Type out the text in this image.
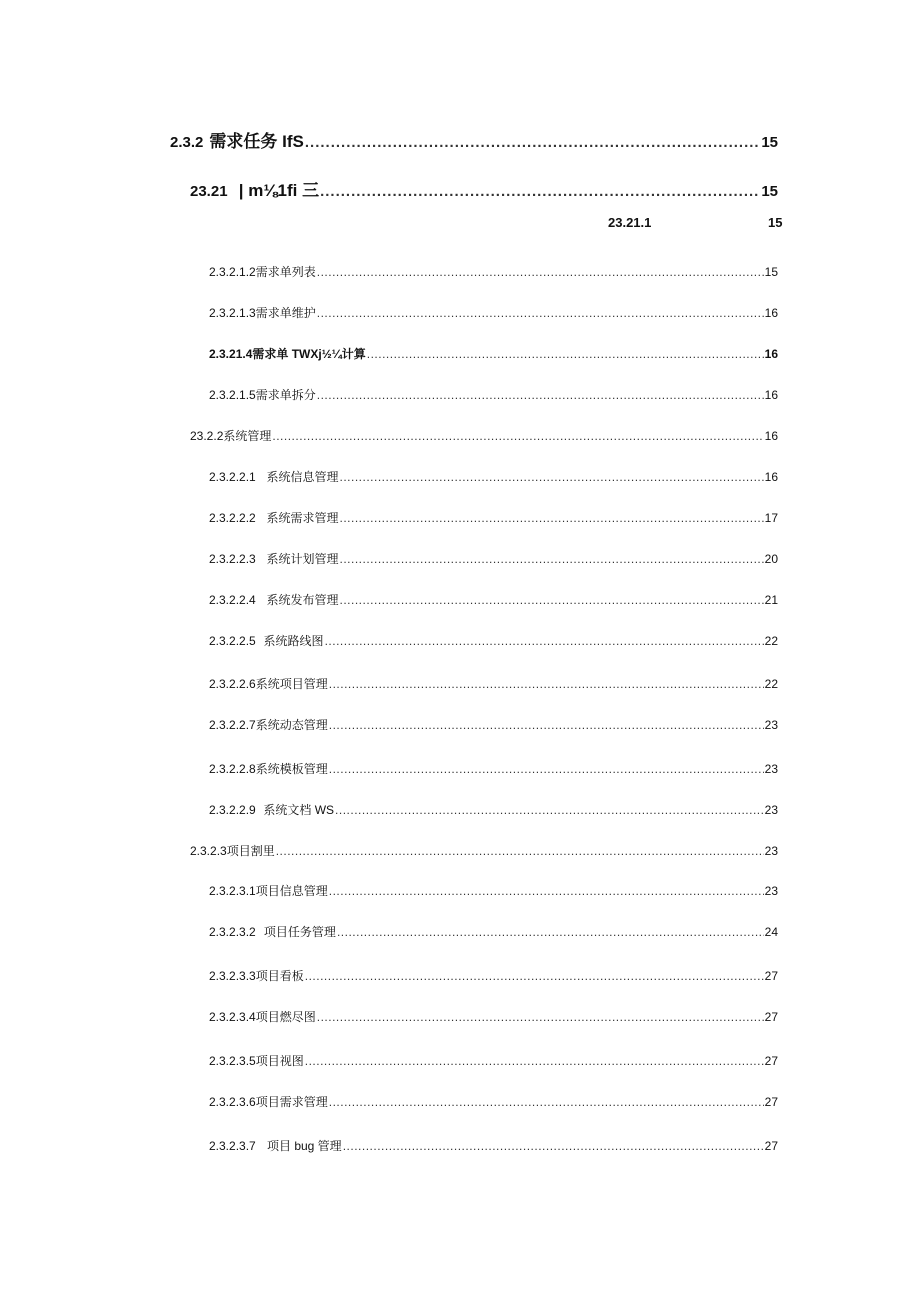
2.3.2 需求任务 IfS .....	15
23.21 | m⅛1fi 三 .....	15
23.21.1	15
2.3.2.1.2 需求单列表 .....	15
2.3.2.1.3 需求单维护 .....	16
2.3.21.4 需求单 TWXj½¼计算 .....	16
2.3.2.1.5 需求单拆分 .....	16
23.2.2 系统管理 .....	16
2.3.2.2.1 系统信息管理 .....	16
2.3.2.2.2 系统需求管理 .....	17
2.3.2.2.3 系统计划管理 .....	20
2.3.2.2.4 系统发布管理 .....	21
2.3.2.2.5 系统路线图 .....	22
2.3.2.2.6 系统项目管理 .....	22
2.3.2.2.7 系统动态管理 .....	23
2.3.2.2.8 系统模板管理 .....	23
2.3.2.2.9 系统文档 WS .....	23
2.3.2.3 项目割里 .....	23
2.3.2.3.1 项目信息管理 .....	23
2.3.2.3.2 项目任务管理 .....	24
2.3.2.3.3 项目看板 .....	27
2.3.2.3.4 项目燃尽图 .....	27
2.3.2.3.5 项目视图 .....	27
2.3.2.3.6 项目需求管理 .....	27
2.3.2.3.7 项目 bug 管理 .....	27
